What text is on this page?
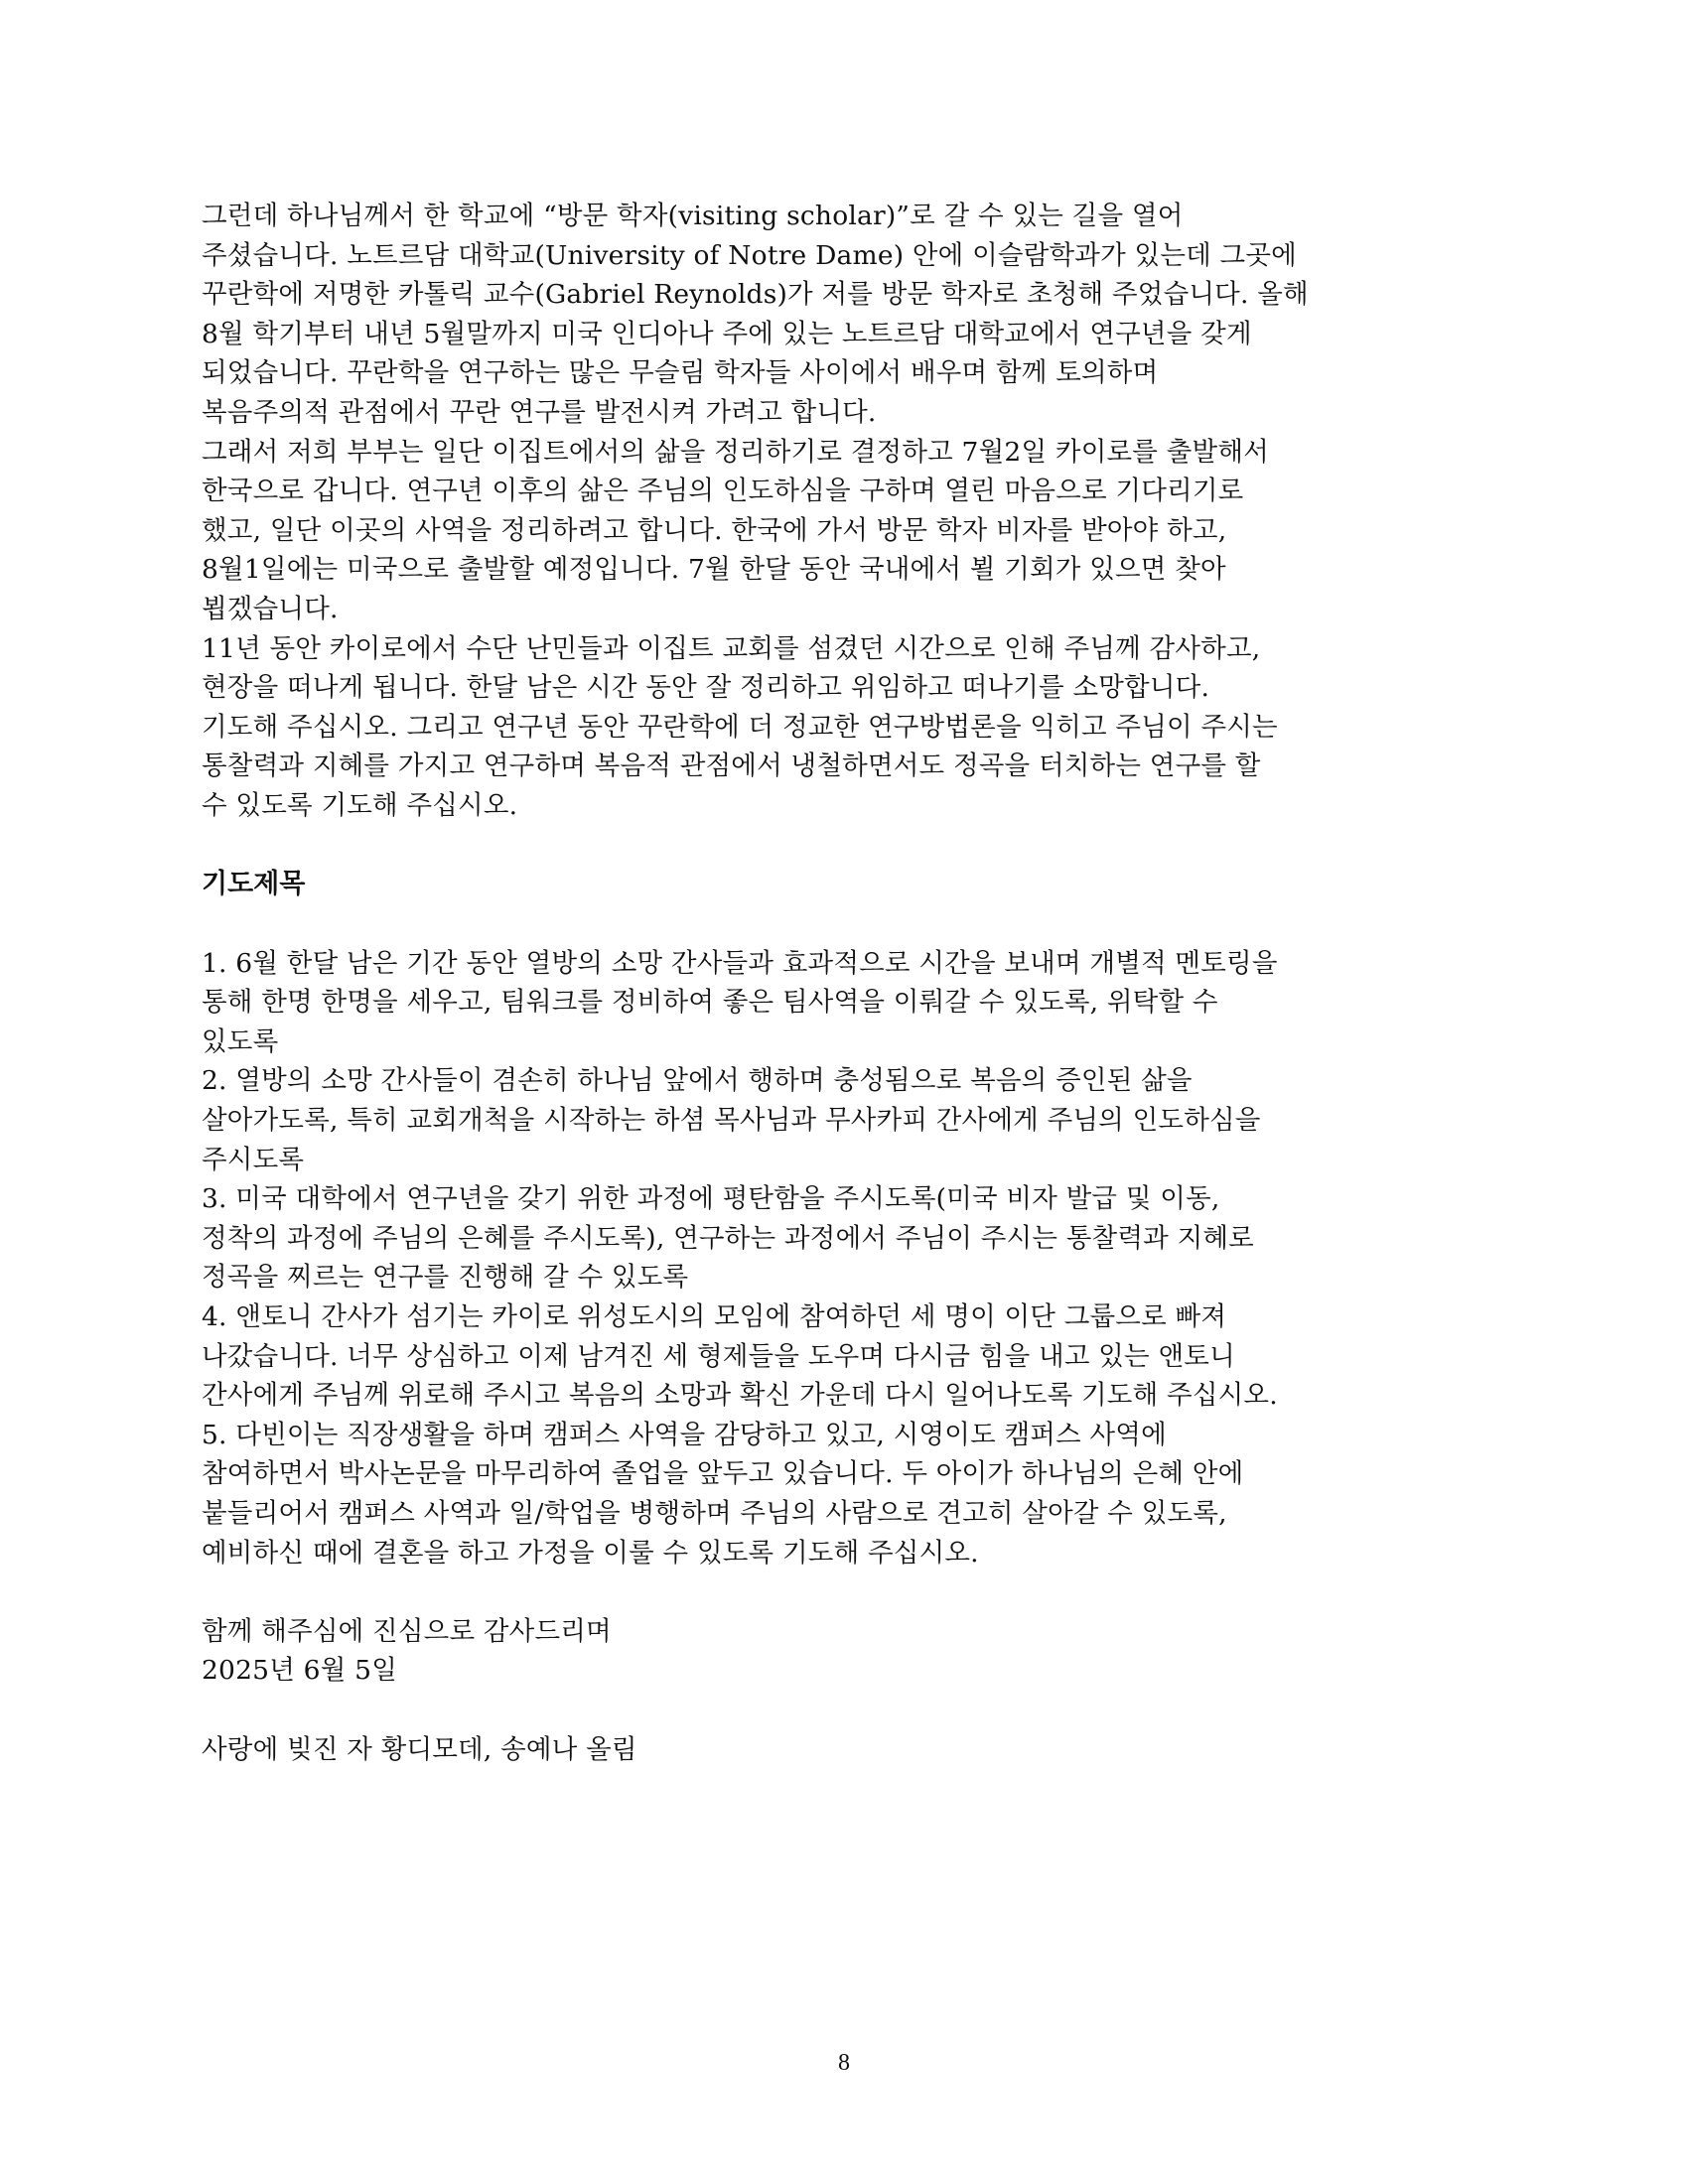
그런데 하나님께서 한 학교에 “방문 학자(visiting scholar)”로 갈 수 있는 길을 열어
주셨습니다. 노트르담 대학교(University of Notre Dame) 안에 이슬람학과가 있는데 그곳에
꾸란학에 저명한 카톨릭 교수(Gabriel Reynolds)가 저를 방문 학자로 초청해 주었습니다. 올해
8월 학기부터 내년 5월말까지 미국 인디아나 주에 있는 노트르담 대학교에서 연구년을 갖게
되었습니다. 꾸란학을 연구하는 많은 무슬림 학자들 사이에서 배우며 함께 토의하며
복음주의적 관점에서 꾸란 연구를 발전시켜 가려고 합니다.
그래서 저희 부부는 일단 이집트에서의 삶을 정리하기로 결정하고 7월2일 카이로를 출발해서
한국으로 갑니다. 연구년 이후의 삶은 주님의 인도하심을 구하며 열린 마음으로 기다리기로
했고, 일단 이곳의 사역을 정리하려고 합니다. 한국에 가서 방문 학자 비자를 받아야 하고,
8월1일에는 미국으로 출발할 예정입니다. 7월 한달 동안 국내에서 뵐 기회가 있으면 찾아
뵙겠습니다.
11년 동안 카이로에서 수단 난민들과 이집트 교회를 섬겼던 시간으로 인해 주님께 감사하고,
현장을 떠나게 됩니다. 한달 남은 시간 동안 잘 정리하고 위임하고 떠나기를 소망합니다.
기도해 주십시오. 그리고 연구년 동안 꾸란학에 더 정교한 연구방법론을 익히고 주님이 주시는
통찰력과 지혜를 가지고 연구하며 복음적 관점에서 냉철하면서도 정곡을 터치하는 연구를 할
수 있도록 기도해 주십시오.
기도제목
1. 6월 한달 남은 기간 동안 열방의 소망 간사들과 효과적으로 시간을 보내며 개별적 멘토링을
통해 한명 한명을 세우고, 팀워크를 정비하여 좋은 팀사역을 이뤄갈 수 있도록, 위탁할 수
있도록
2. 열방의 소망 간사들이 겸손히 하나님 앞에서 행하며 충성됨으로 복음의 증인된 삶을
살아가도록, 특히 교회개척을 시작하는 하셤 목사님과 무사카피 간사에게 주님의 인도하심을
주시도록
3. 미국 대학에서 연구년을 갖기 위한 과정에 평탄함을 주시도록(미국 비자 발급 및 이동,
정착의 과정에 주님의 은혜를 주시도록), 연구하는 과정에서 주님이 주시는 통찰력과 지혜로
정곡을 찌르는 연구를 진행해 갈 수 있도록
4. 앤토니 간사가 섬기는 카이로 위성도시의 모임에 참여하던 세 명이 이단 그룹으로 빠져
나갔습니다. 너무 상심하고 이제 남겨진 세 형제들을 도우며 다시금 힘을 내고 있는 앤토니
간사에게 주님께 위로해 주시고 복음의 소망과 확신 가운데 다시 일어나도록 기도해 주십시오.
5. 다빈이는 직장생활을 하며 캠퍼스 사역을 감당하고 있고, 시영이도 캠퍼스 사역에
참여하면서 박사논문을 마무리하여 졸업을 앞두고 있습니다. 두 아이가 하나님의 은혜 안에
붙들리어서 캠퍼스 사역과 일/학업을 병행하며 주님의 사람으로 견고히 살아갈 수 있도록,
예비하신 때에 결혼을 하고 가정을 이룰 수 있도록 기도해 주십시오.
함께 해주심에 진심으로 감사드리며
2025년 6월 5일
사랑에 빚진 자 황디모데, 송예나 올림
8
